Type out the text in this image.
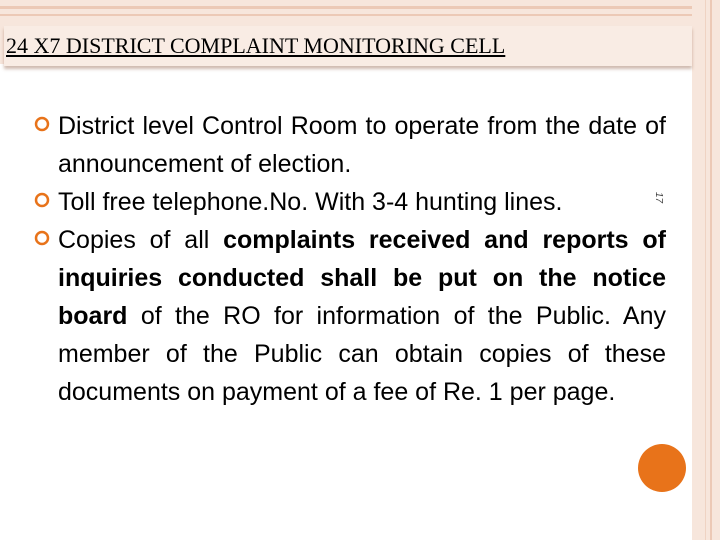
24 X7 DISTRICT COMPLAINT MONITORING CELL
17
District level Control Room to operate from the date of announcement of election.
Toll free telephone.No. With 3-4 hunting lines.
Copies of all complaints received and reports of inquiries conducted shall be put on the notice board of the RO for information of the Public. Any member of the Public can obtain copies of these documents on payment of a fee of Re. 1 per page.
